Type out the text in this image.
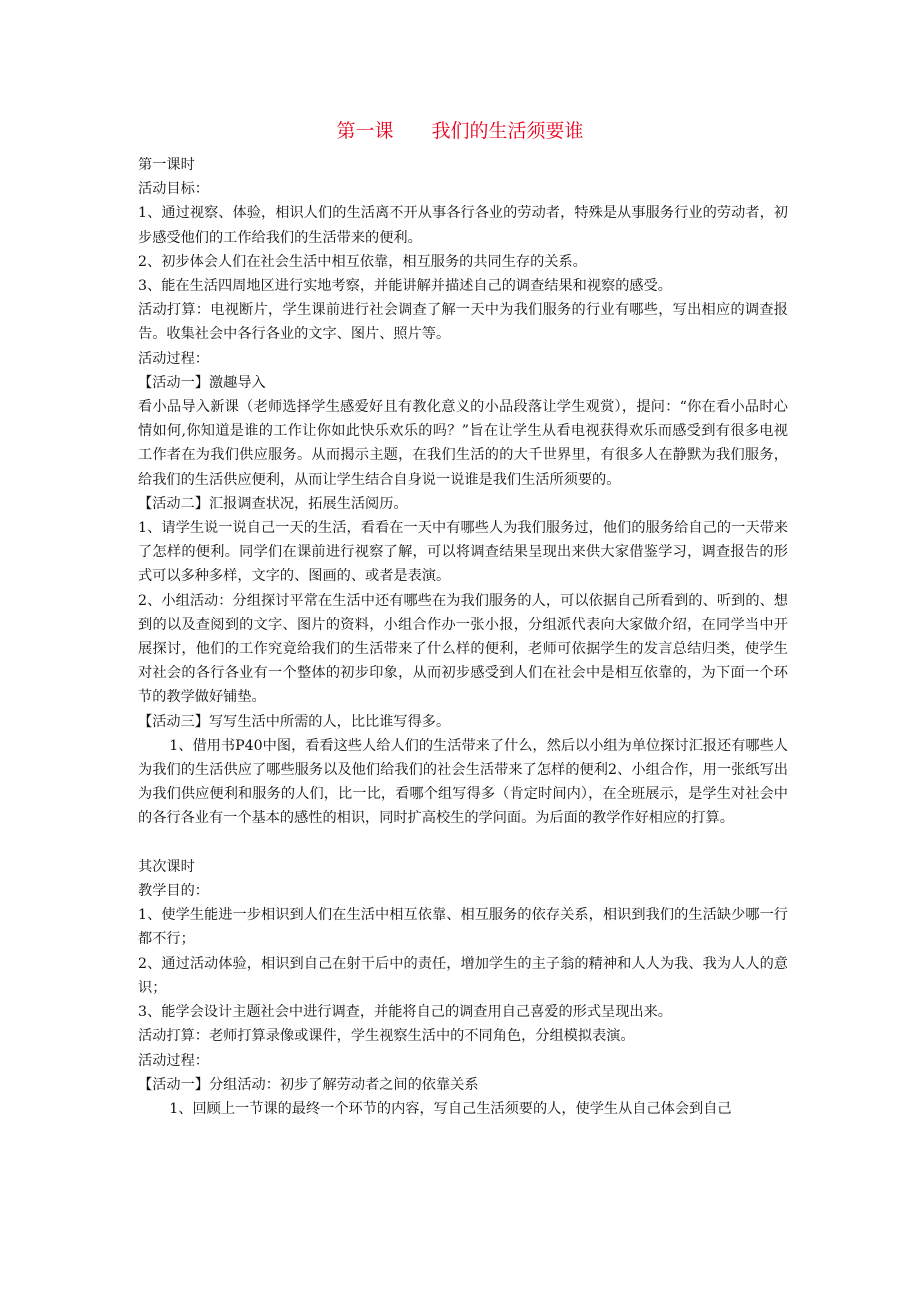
第一课　　我们的生活须要谁

第一课时

活动目标：

1、通过视察、体验，相识人们的生活离不开从事各行各业的劳动者，特殊是从事服务行业的劳动者，初步感受他们的工作给我们的生活带来的便利。

2、初步体会人们在社会生活中相互依靠，相互服务的共同生存的关系。

3、能在生活四周地区进行实地考察，并能讲解并描述自己的调查结果和视察的感受。

活动打算：电视断片，学生课前进行社会调查了解一天中为我们服务的行业有哪些，写出相应的调查报告。收集社会中各行各业的文字、图片、照片等。

活动过程：

【活动一】激趣导入

看小品导入新课（老师选择学生感爱好且有教化意义的小品段落让学生观赏），提问：“你在看小品时心情如何,你知道是谁的工作让你如此快乐欢乐的吗？”旨在让学生从看电视获得欢乐而感受到有很多电视工作者在为我们供应服务。从而揭示主题，在我们生活的的大千世界里，有很多人在静默为我们服务，给我们的生活供应便利，从而让学生结合自身说一说谁是我们生活所须要的。

【活动二】汇报调查状况，拓展生活阅历。

1、请学生说一说自己一天的生活，看看在一天中有哪些人为我们服务过，他们的服务给自己的一天带来了怎样的便利。同学们在课前进行视察了解，可以将调查结果呈现出来供大家借鉴学习，调查报告的形式可以多种多样，文字的、图画的、或者是表演。

2、小组活动：分组探讨平常在生活中还有哪些在为我们服务的人，可以依据自己所看到的、听到的、想到的以及查阅到的文字、图片的资料，小组合作办一张小报，分组派代表向大家做介绍，在同学当中开展探讨，他们的工作究竟给我们的生活带来了什么样的便利，老师可依据学生的发言总结归类，使学生对社会的各行各业有一个整体的初步印象，从而初步感受到人们在社会中是相互依靠的，为下面一个环节的教学做好铺垫。

【活动三】写写生活中所需的人，比比谁写得多。

1、借用书P40中图，看看这些人给人们的生活带来了什么，然后以小组为单位探讨汇报还有哪些人为我们的生活供应了哪些服务以及他们给我们的社会生活带来了怎样的便利2、小组合作，用一张纸写出为我们供应便利和服务的人们，比一比，看哪个组写得多（肯定时间内），在全班展示，是学生对社会中的各行各业有一个基本的感性的相识，同时扩高校生的学问面。为后面的教学作好相应的打算。

其次课时

教学目的：

1、使学生能进一步相识到人们在生活中相互依靠、相互服务的依存关系，相识到我们的生活缺少哪一行都不行；

2、通过活动体验，相识到自己在射干后中的责任，增加学生的主子翁的精神和人人为我、我为人人的意识；

3、能学会设计主题社会中进行调查，并能将自己的调查用自己喜爱的形式呈现出来。

活动打算：老师打算录像或课件，学生视察生活中的不同角色，分组模拟表演。

活动过程：

【活动一】分组活动：初步了解劳动者之间的依靠关系

1、回顾上一节课的最终一个环节的内容，写自己生活须要的人，使学生从自己体会到自己
